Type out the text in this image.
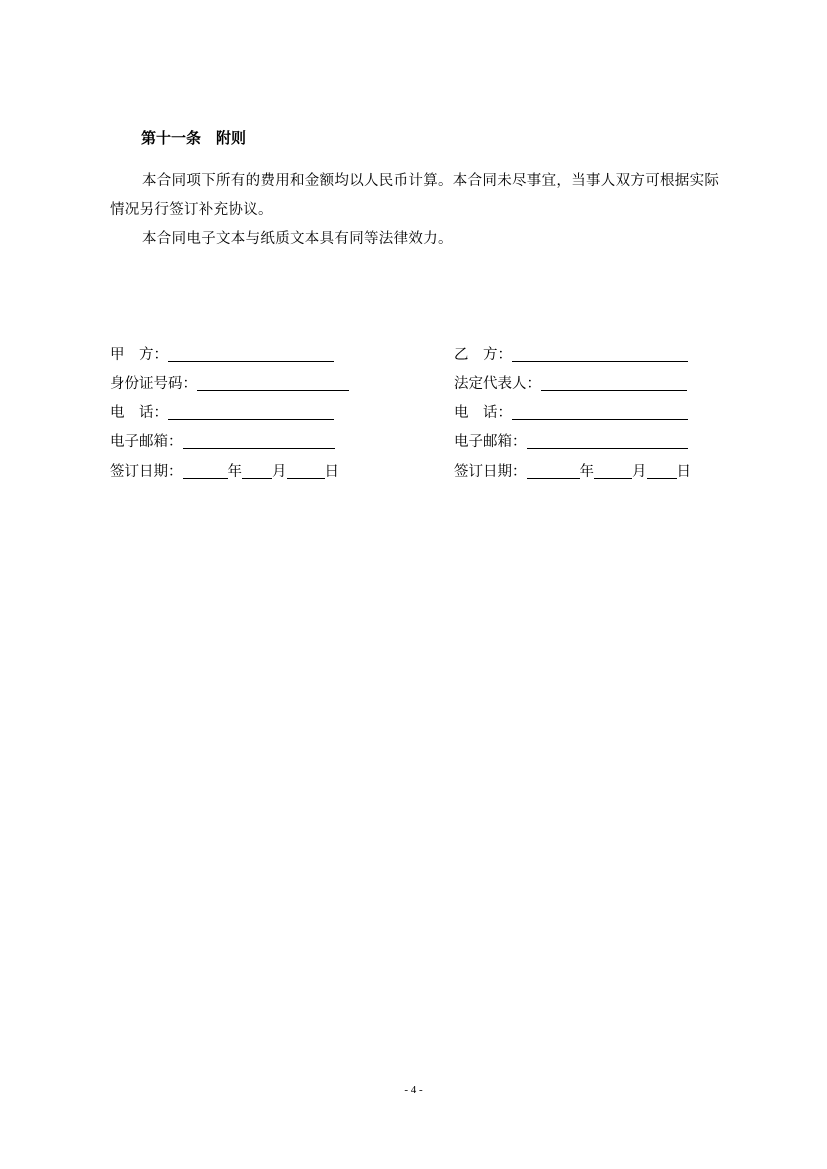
第十一条　附则

本合同项下所有的费用和金额均以人民币计算。本合同未尽事宜，当事人双方可根据实际情况另行签订补充协议。

本合同电子文本与纸质文本具有同等法律效力。

甲　方：
身份证号码：
电　话：
电子邮箱：
签订日期：	年 月	日
乙　方：
法定代表人：
电　话：
电子邮箱：
签订日期：	年	月 日
- 4 -
